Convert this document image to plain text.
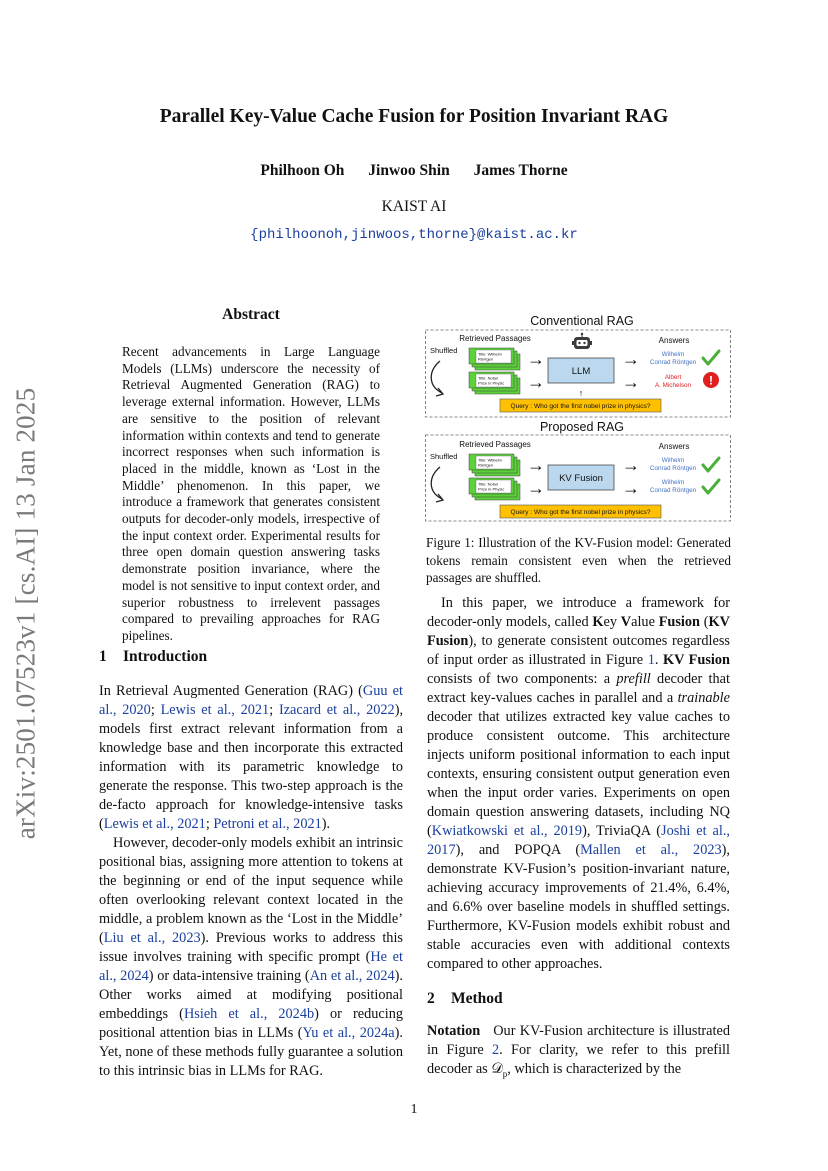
arXiv:2501.07523v1 [cs.AI] 13 Jan 2025
Parallel Key-Value Cache Fusion for Position Invariant RAG
Philhoon Oh Jinwoo Shin James Thorne
KAIST AI
{philhoonoh,jinwoos,thorne}@kaist.ac.kr
Abstract
Recent advancements in Large Language Models (LLMs) underscore the necessity of Retrieval Augmented Generation (RAG) to leverage external information. However, LLMs are sensitive to the position of relevant information within contexts and tend to generate incorrect responses when such information is placed in the middle, known as ‘Lost in the Middle’ phenomenon. In this paper, we introduce a framework that generates consistent outputs for decoder-only models, irrespective of the input context order. Experimental results for three open domain question answering tasks demonstrate position invariance, where the model is not sensitive to input context order, and superior robustness to irrelevent passages compared to prevailing approaches for RAG pipelines.
1 Introduction

In Retrieval Augmented Generation (RAG) (Guu et al., 2020; Lewis et al., 2021; Izacard et al., 2022), models first extract relevant information from a knowledge base and then incorporate this extracted information with its parametric knowledge to generate the response. This two-step approach is the de-facto approach for knowledge-intensive tasks (Lewis et al., 2021; Petroni et al., 2021).

However, decoder-only models exhibit an intrinsic positional bias, assigning more attention to tokens at the beginning or end of the input sequence while often overlooking relevant context located in the middle, a problem known as the ‘Lost in the Middle’ (Liu et al., 2023). Previous works to address this issue involves training with specific prompt (He et al., 2024) or data-intensive training (An et al., 2024). Other works aimed at modifying positional embeddings (Hsieh et al., 2024b) or reducing positional attention bias in LLMs (Yu et al., 2024a). Yet, none of these methods fully guarantee a solution to this intrinsic bias in LLMs for RAG.

Conventional RAG
Retrieved Passages	Answers
Shuffled	Title: Wilhelm
Röntgen
Title: Nobel
Prize in Physic
→
→
LLM
→
→
Wilhelm
Conrad Röntgen
Albert
A. Michelson !
↑
Query : Who got the first nobel prize in physics?
Proposed RAG
Retrieved Passages	Answers
Shuffled	Title: Wilhelm
Röntgen
Title: Nobel
Prize in Physic
→
→ KV Fusion
→
→
Wilhelm
Conrad Röntgen
Wilhelm
Conrad Röntgen
Query : Who got the first nobel prize in physics?
Figure 1: Illustration of the KV-Fusion model: Generated tokens remain consistent even when the retrieved passages are shuffled.

In this paper, we introduce a framework for decoder-only models, called Key Value Fusion (KV Fusion), to generate consistent outcomes regardless of input order as illustrated in Figure 1. KV Fusion consists of two components: a prefill decoder that extract key-values caches in parallel and a trainable decoder that utilizes extracted key value caches to produce consistent outcome. This architecture injects uniform positional information to each input contexts, ensuring consistent output generation even when the input order varies. Experiments on open domain question answering datasets, including NQ (Kwiatkowski et al., 2019), TriviaQA (Joshi et al., 2017), and POPQA (Mallen et al., 2023), demonstrate KV-Fusion’s position-invariant nature, achieving accuracy improvements of 21.4%, 6.4%, and 6.6% over baseline models in shuffled settings. Furthermore, KV-Fusion models exhibit robust and stable accuracies even with additional contexts compared to other approaches.

2 Method

Notation Our KV-Fusion architecture is illustrated in Figure 2. For clarity, we refer to this prefill decoder as 𝒟$_p$, which is characterized by the

1
